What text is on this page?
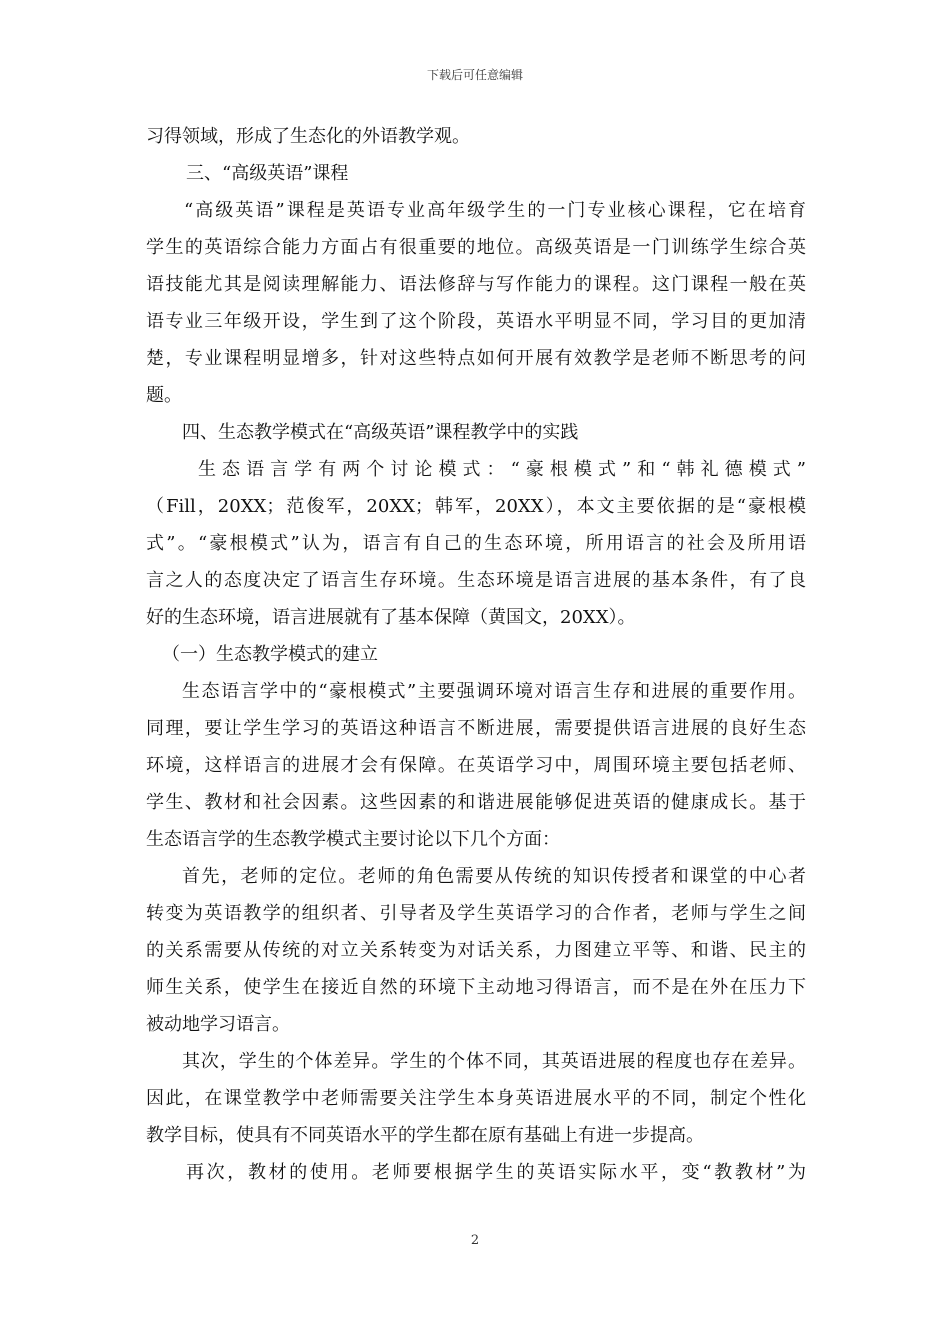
下载后可任意编辑
习得领域，形成了生态化的外语教学观。
三、“高级英语”课程
“高级英语”课程是英语专业高年级学生的一门专业核心课程，它在培育
学生的英语综合能力方面占有很重要的地位。高级英语是一门训练学生综合英
语技能尤其是阅读理解能力、语法修辞与写作能力的课程。这门课程一般在英
语专业三年级开设，学生到了这个阶段，英语水平明显不同，学习目的更加清
楚，专业课程明显增多，针对这些特点如何开展有效教学是老师不断思考的问
题。
四、生态教学模式在“高级英语”课程教学中的实践
生态语言学有两个讨论模式：“豪根模式”和“韩礼德模式”
（Fill，20XX；范俊军，20XX；韩军，20XX），本文主要依据的是“豪根模
式”。“豪根模式”认为，语言有自己的生态环境，所用语言的社会及所用语
言之人的态度决定了语言生存环境。生态环境是语言进展的基本条件，有了良
好的生态环境，语言进展就有了基本保障（黄国文，20XX）。
（一）生态教学模式的建立
生态语言学中的“豪根模式”主要强调环境对语言生存和进展的重要作用。
同理，要让学生学习的英语这种语言不断进展，需要提供语言进展的良好生态
环境，这样语言的进展才会有保障。在英语学习中，周围环境主要包括老师、
学生、教材和社会因素。这些因素的和谐进展能够促进英语的健康成长。基于
生态语言学的生态教学模式主要讨论以下几个方面：
首先，老师的定位。老师的角色需要从传统的知识传授者和课堂的中心者
转变为英语教学的组织者、引导者及学生英语学习的合作者，老师与学生之间
的关系需要从传统的对立关系转变为对话关系，力图建立平等、和谐、民主的
师生关系，使学生在接近自然的环境下主动地习得语言，而不是在外在压力下
被动地学习语言。
其次，学生的个体差异。学生的个体不同，其英语进展的程度也存在差异。
因此，在课堂教学中老师需要关注学生本身英语进展水平的不同，制定个性化
教学目标，使具有不同英语水平的学生都在原有基础上有进一步提高。
再次，教材的使用。老师要根据学生的英语实际水平，变“教教材”为
2
